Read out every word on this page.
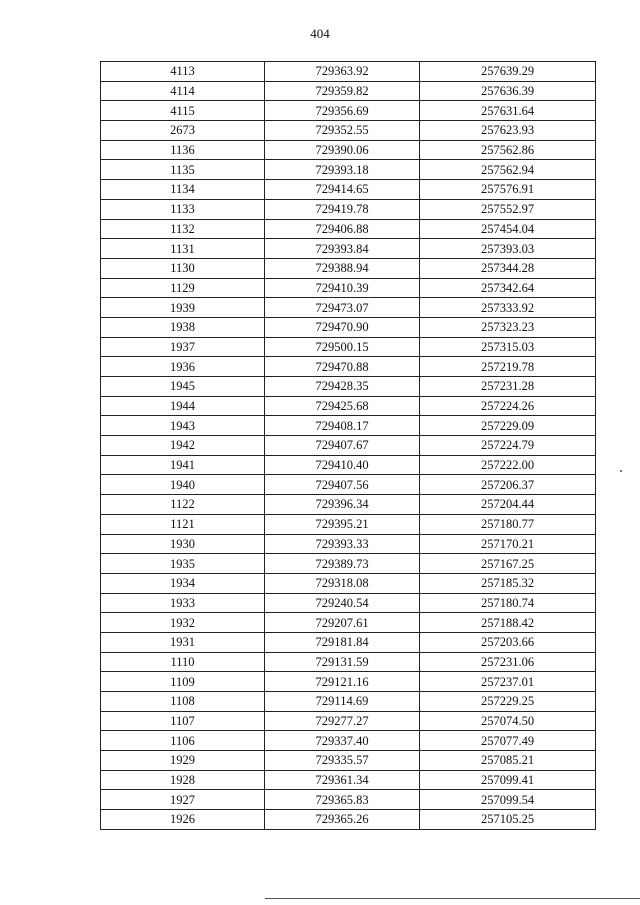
404
4113	729363.92	257639.29
4114	729359.82	257636.39
4115	729356.69	257631.64
2673	729352.55	257623.93
1136	729390.06	257562.86
1135	729393.18	257562.94
1134	729414.65	257576.91
1133	729419.78	257552.97
1132	729406.88	257454.04
1131	729393.84	257393.03
1130	729388.94	257344.28
1129	729410.39	257342.64
1939	729473.07	257333.92
1938	729470.90	257323.23
1937	729500.15	257315.03
1936	729470.88	257219.78
1945	729428.35	257231.28
1944	729425.68	257224.26
1943	729408.17	257229.09
1942	729407.67	257224.79
1941	729410.40	257222.00
1940	729407.56	257206.37
1122	729396.34	257204.44
1121	729395.21	257180.77
1930	729393.33	257170.21
1935	729389.73	257167.25
1934	729318.08	257185.32
1933	729240.54	257180.74
1932	729207.61	257188.42
1931	729181.84	257203.66
1110	729131.59	257231.06
1109	729121.16	257237.01
1108	729114.69	257229.25
1107	729277.27	257074.50
1106	729337.40	257077.49
1929	729335.57	257085.21
1928	729361.34	257099.41
1927	729365.83	257099.54
1926	729365.26	257105.25
